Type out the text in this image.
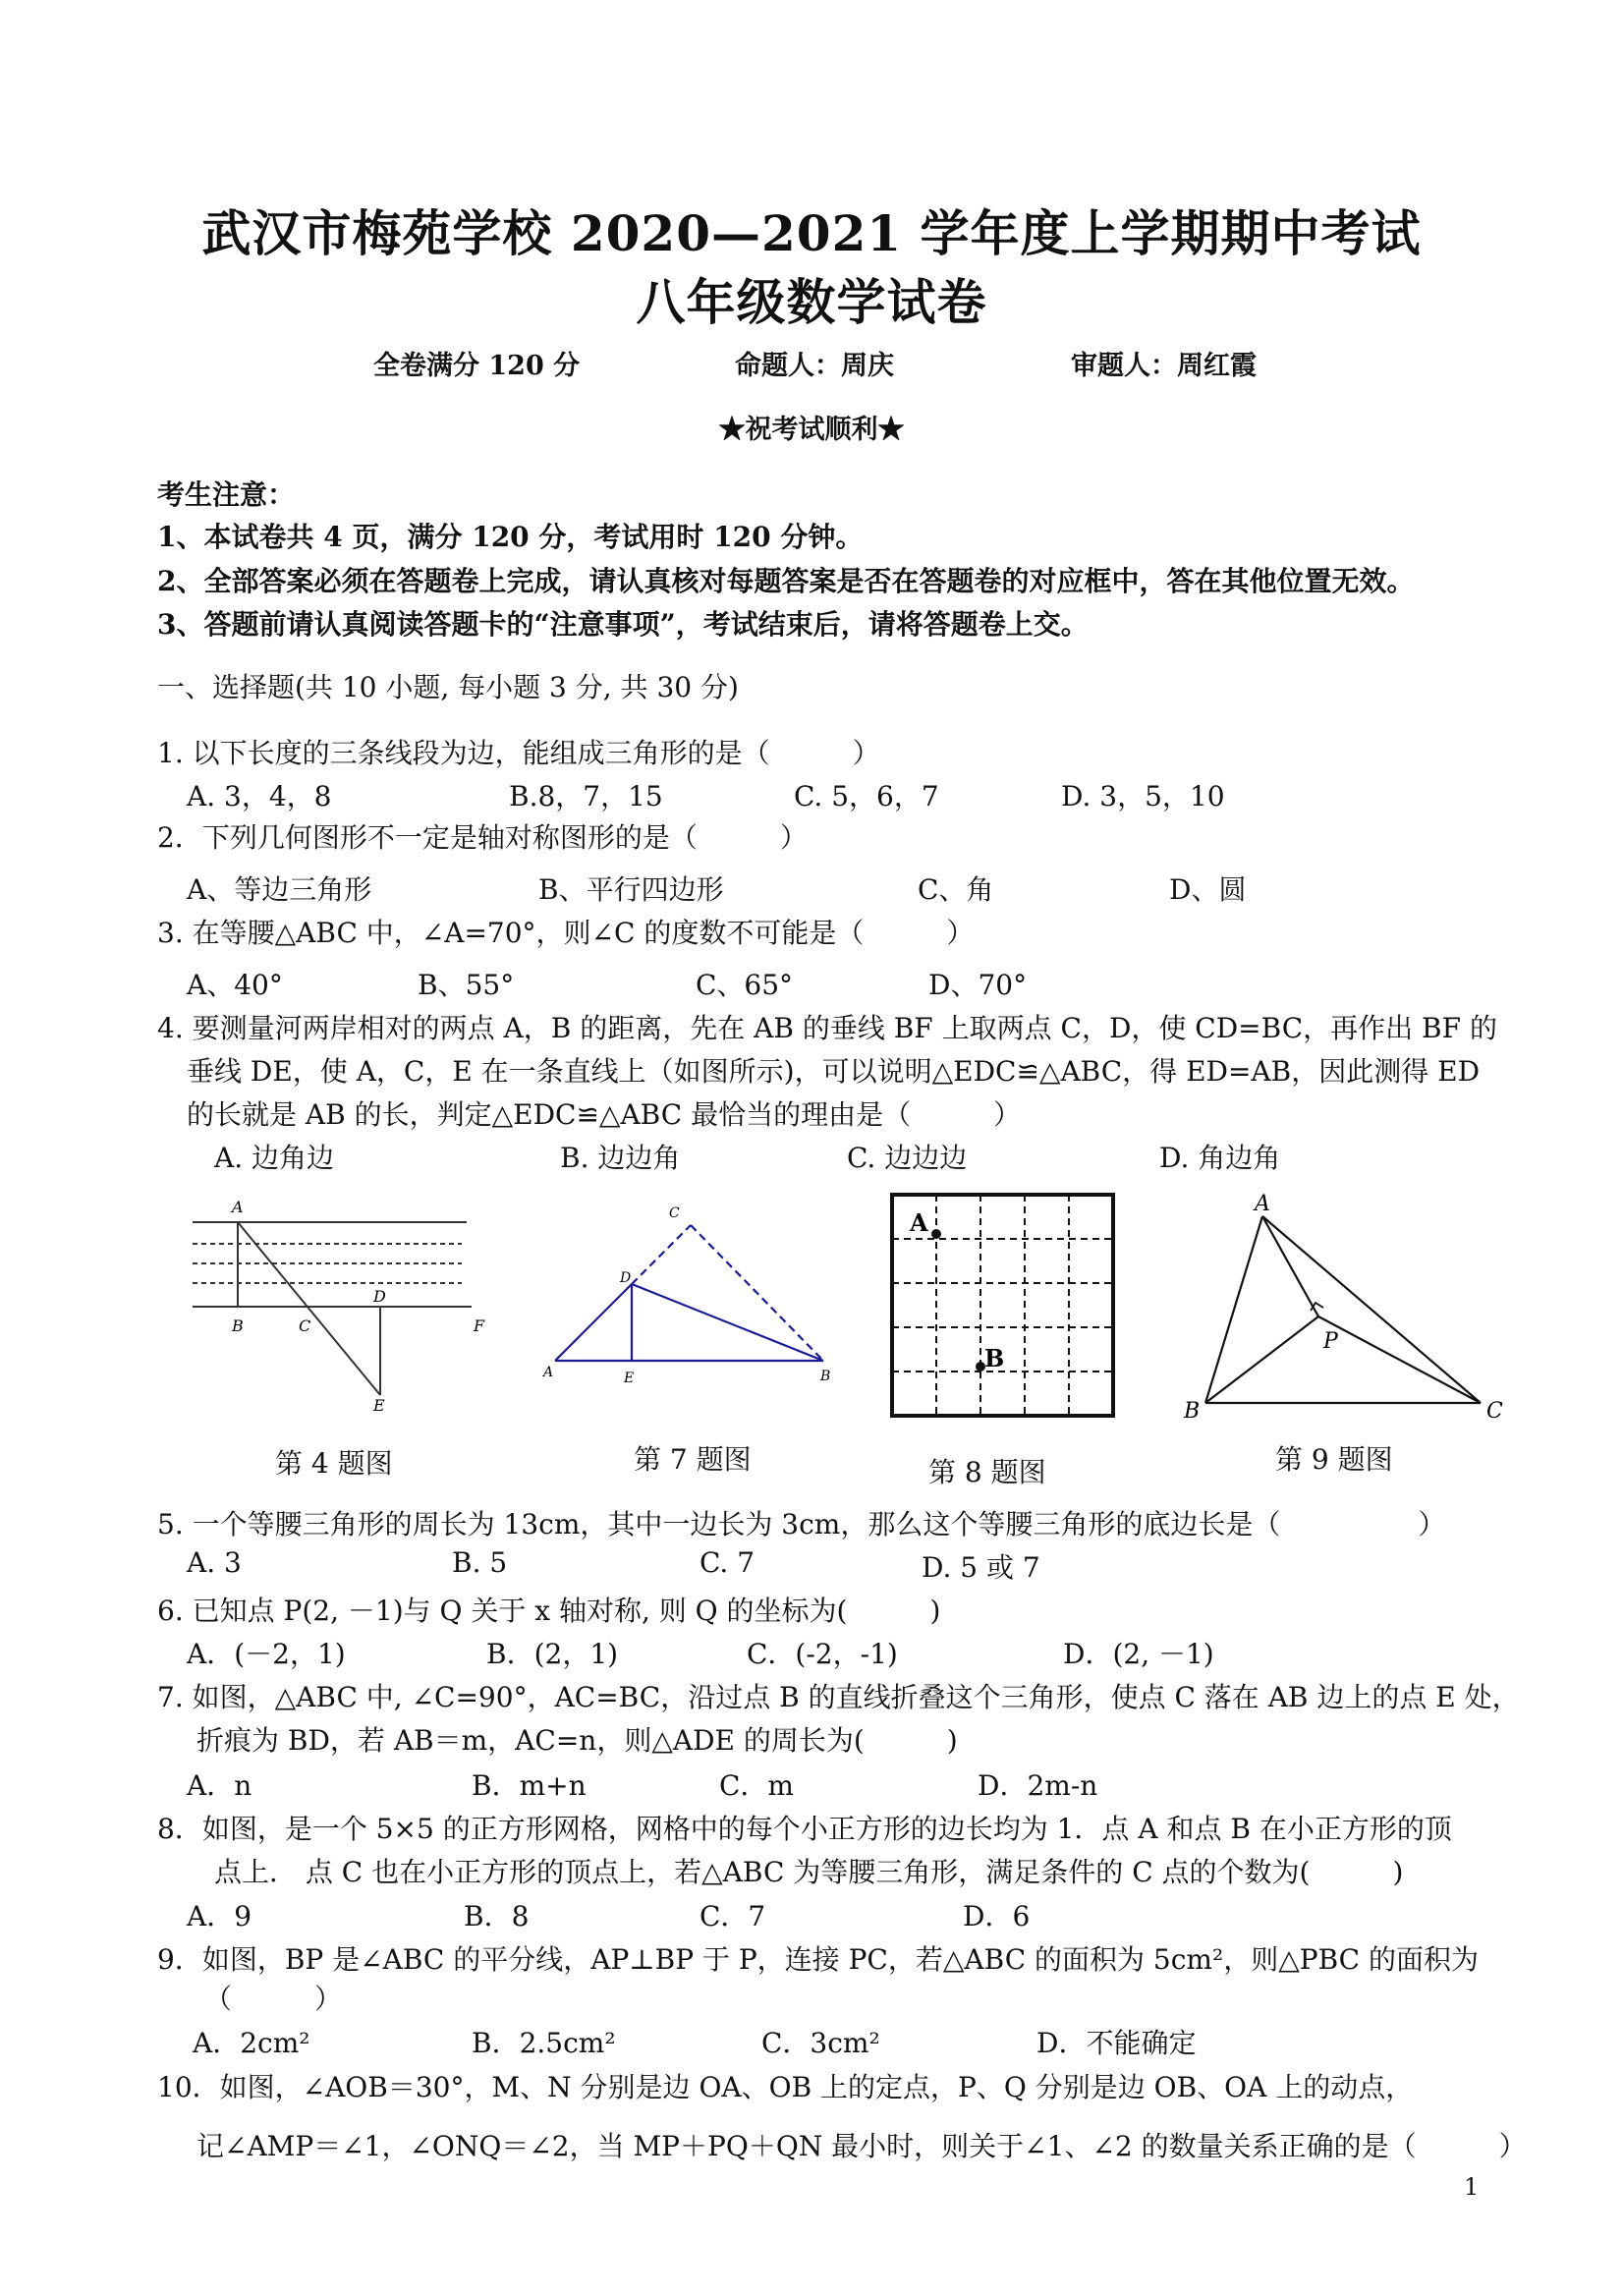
武汉市梅苑学校 2020—2021 学年度上学期期中考试
八年级数学试卷
全卷满分 120 分	命题人：周庆	审题人：周红霞
★祝考试顺利★
考生注意：
1、本试卷共 4 页，满分 120 分，考试用时 120 分钟。
2、全部答案必须在答题卷上完成，请认真核对每题答案是否在答题卷的对应框中，答在其他位置无效。
3、答题前请认真阅读答题卡的“注意事项”，考试结束后，请将答题卷上交。
一、选择题(共 10 小题, 每小题 3 分, 共 30 分)
1. 以下长度的三条线段为边，能组成三角形的是（　　　）
A. 3，4，8	B.8，7，15	C. 5，6，7	D. 3，5，10
2．下列几何图形不一定是轴对称图形的是（　　　）
A、等边三角形	B、平行四边形	C、角	D、圆
3. 在等腰△ABC 中，∠A=70°，则∠C 的度数不可能是（　　　）
A、40°	B、55°	C、65°	D、70°
4. 要测量河两岸相对的两点 A，B 的距离，先在 AB 的垂线 BF 上取两点 C，D，使 CD=BC，再作出 BF 的
垂线 DE，使 A，C，E 在一条直线上（如图所示)，可以说明△EDC≌△ABC，得 ED=AB，因此测得 ED
的长就是 AB 的长，判定△EDC≌△ABC 最恰当的理由是（　　　）
A. 边角边	B. 边边角	C. 边边边	D. 角边角
A
B	C
D
E
F
第 4 题图
A	B
C
D
E
第 7 题图
A
B
第 8 题图
A
B	C
P
第 9 题图
5. 一个等腰三角形的周长为 13cm，其中一边长为 3cm，那么这个等腰三角形的底边长是（　　　　　）
A. 3	B. 5	C. 7	D. 5 或 7
6. 已知点 P(2, －1)与 Q 关于 x 轴对称, 则 Q 的坐标为(　　　)
A．(－2，1)	B．(2，1)	C．(-2，-1)	D．(2, －1)
7. 如图，△ABC 中, ∠C=90°，AC=BC，沿过点 B 的直线折叠这个三角形，使点 C 落在 AB 边上的点 E 处，
折痕为 BD，若 AB＝m，AC=n，则△ADE 的周长为(　　　)
A．n	B．m+n	C．m	D．2m-n
8．如图，是一个 5×5 的正方形网格，网格中的每个小正方形的边长均为 1．点 A 和点 B 在小正方形的顶
点上． 点 C 也在小正方形的顶点上，若△ABC 为等腰三角形，满足条件的 C 点的个数为(　　　)
A．9	B．8	C．7	D．6
9．如图，BP 是∠ABC 的平分线，AP⊥BP 于 P，连接 PC，若△ABC 的面积为 5cm²，则△PBC 的面积为
（　　　）
A．2cm²	B．2.5cm²	C．3cm²	D．不能确定
10．如图，∠AOB＝30°，M、N 分别是边 OA、OB 上的定点，P、Q 分别是边 OB、OA 上的动点，
记∠AMP＝∠1，∠ONQ＝∠2，当 MP＋PQ＋QN 最小时，则关于∠1、∠2 的数量关系正确的是（　　　）
1
